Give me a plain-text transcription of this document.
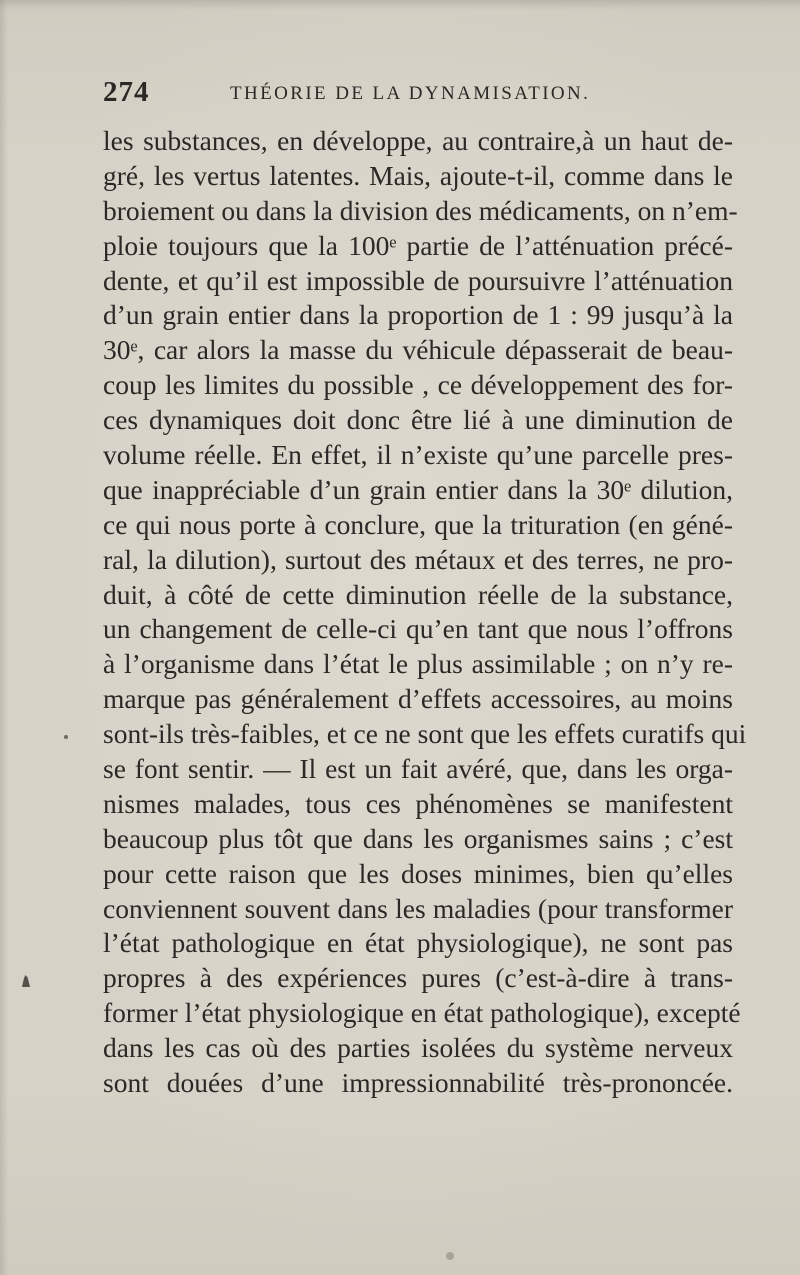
274	THÉORIE DE LA DYNAMISATION.
les substances, en développe, au contraire,à un haut de-
gré, les vertus latentes. Mais, ajoute-t-il, comme dans le
broiement ou dans la division des médicaments, on n’em-
ploie toujours que la 100ᵉ partie de l’atténuation précé-
dente, et qu’il est impossible de poursuivre l’atténuation
d’un grain entier dans la proportion de 1 : 99 jusqu’à la
30ᵉ, car alors la masse du véhicule dépasserait de beau-
coup les limites du possible , ce développement des for-
ces dynamiques doit donc être lié à une diminution de
volume réelle. En effet, il n’existe qu’une parcelle pres-
que inappréciable d’un grain entier dans la 30ᵉ dilution,
ce qui nous porte à conclure, que la trituration (en géné-
ral, la dilution), surtout des métaux et des terres, ne pro-
duit, à côté de cette diminution réelle de la substance,
un changement de celle-ci qu’en tant que nous l’offrons
à l’organisme dans l’état le plus assimilable ; on n’y re-
marque pas généralement d’effets accessoires, au moins
sont-ils très-faibles, et ce ne sont que les effets curatifs qui
se font sentir. — Il est un fait avéré, que, dans les orga-
nismes malades, tous ces phénomènes se manifestent
beaucoup plus tôt que dans les organismes sains ; c’est
pour cette raison que les doses minimes, bien qu’elles
conviennent souvent dans les maladies (pour transformer
l’état pathologique en état physiologique), ne sont pas
propres à des expériences pures (c’est-à-dire à trans-
former l’état physiologique en état pathologique), excepté
dans les cas où des parties isolées du système nerveux
sont douées d’une impressionnabilité très-prononcée.
